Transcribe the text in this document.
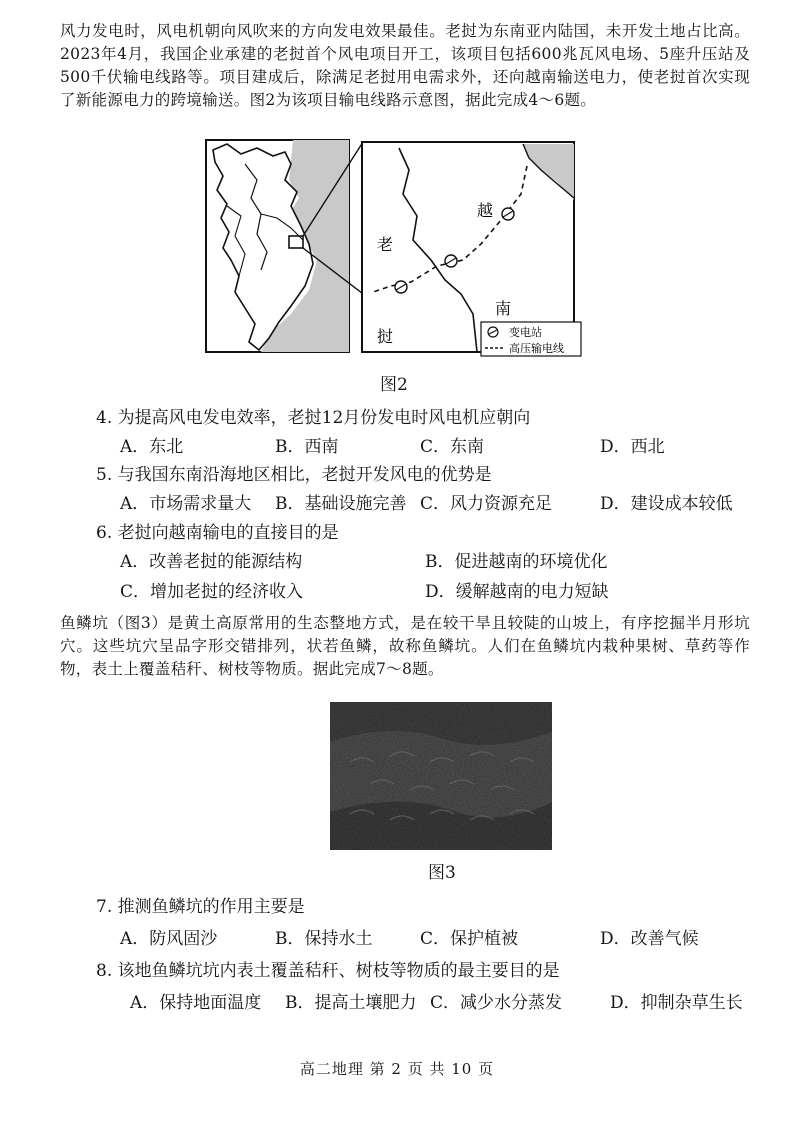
风力发电时，风电机朝向风吹来的方向发电效果最佳。老挝为东南亚内陆国，未开发土地占比高。2023年4月，我国企业承建的老挝首个风电项目开工，该项目包括600兆瓦风电场、5座升压站及500千伏输电线路等。项目建成后，除满足老挝用电需求外，还向越南输送电力，使老挝首次实现了新能源电力的跨境输送。图2为该项目输电线路示意图，据此完成4～6题。
越
南
老
挝	变电站
高压输电线
图2
4. 为提高风电发电效率，老挝12月份发电时风电机应朝向
A．东北	B．西南	C．东南	D．西北
5. 与我国东南沿海地区相比，老挝开发风电的优势是
A．市场需求量大	B．基础设施完善 C．风力资源充足	D．建设成本较低
6. 老挝向越南输电的直接目的是
A．改善老挝的能源结构	B．促进越南的环境优化
C．增加老挝的经济收入	D．缓解越南的电力短缺
鱼鳞坑（图3）是黄土高原常用的生态整地方式，是在较干旱且较陡的山坡上，有序挖掘半月形坑穴。这些坑穴呈品字形交错排列，状若鱼鳞，故称鱼鳞坑。人们在鱼鳞坑内栽种果树、草药等作物，表土上覆盖秸秆、树枝等物质。据此完成7～8题。
图3
7. 推测鱼鳞坑的作用主要是
A．防风固沙	B．保持水土	C．保护植被	D．改善气候
8. 该地鱼鳞坑坑内表土覆盖秸秆、树枝等物质的最主要目的是
A．保持地面温度	B．提高土壤肥力 C．减少水分蒸发	D．抑制杂草生长
高二地理 第 2 页 共 10 页
